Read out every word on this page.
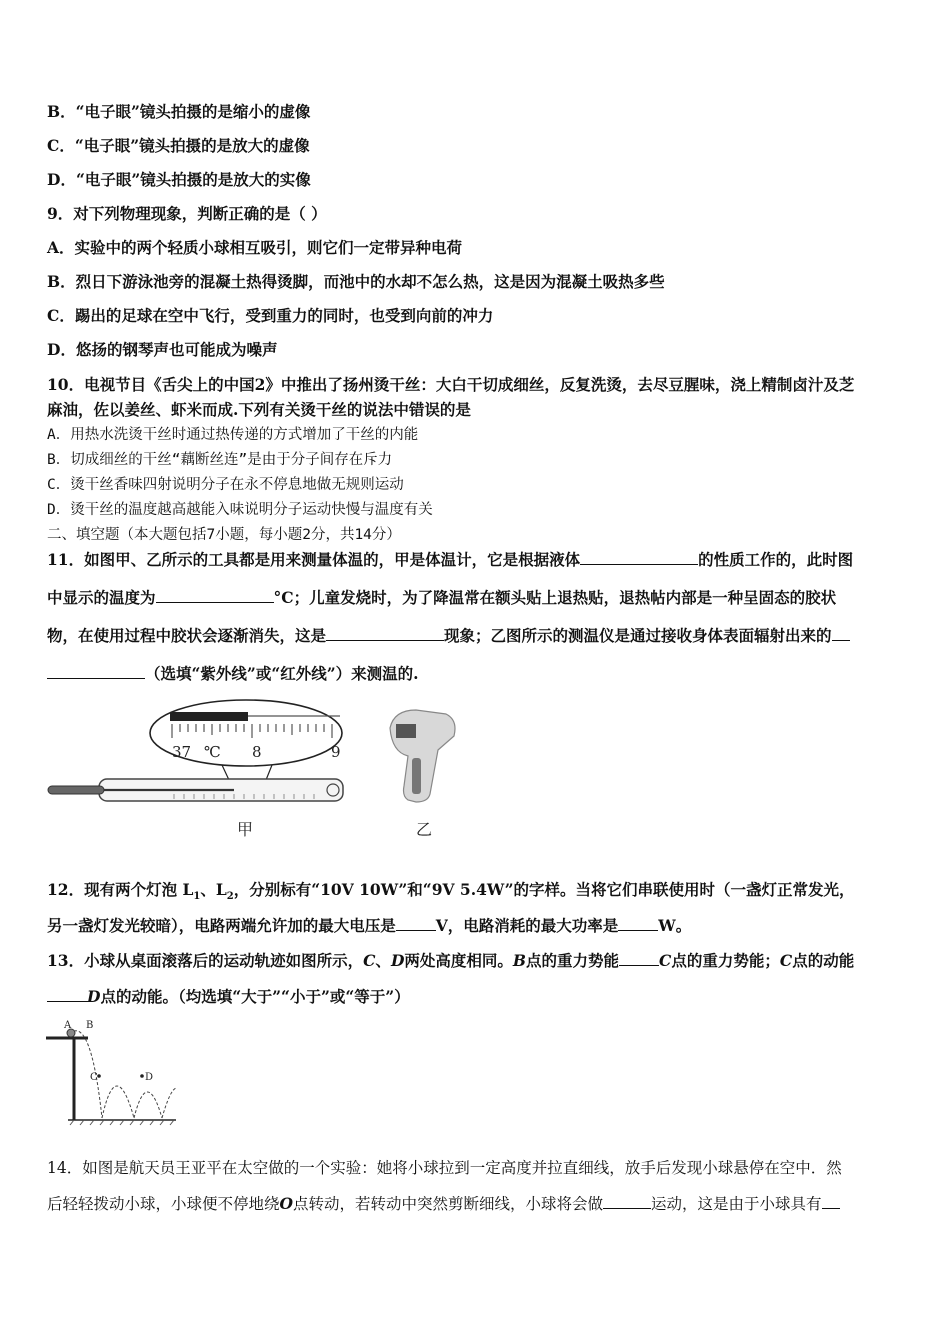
B．“电子眼”镜头拍摄的是缩小的虚像
C．“电子眼”镜头拍摄的是放大的虚像
D．“电子眼”镜头拍摄的是放大的实像
9．对下列物理现象，判断正确的是（ ）
A．实验中的两个轻质小球相互吸引，则它们一定带异种电荷
B．烈日下游泳池旁的混凝土热得烫脚，而池中的水却不怎么热，这是因为混凝土吸热多些
C．踢出的足球在空中飞行，受到重力的同时，也受到向前的冲力
D．悠扬的钢琴声也可能成为噪声
10．电视节目《舌尖上的中国2》中推出了扬州烫干丝：大白干切成细丝，反复洗烫，去尽豆腥味，浇上精制卤汁及芝
麻油，佐以姜丝、虾米而成.下列有关烫干丝的说法中错误的是
A．用热水洗烫干丝时通过热传递的方式增加了干丝的内能
B．切成细丝的干丝“藕断丝连”是由于分子间存在斥力
C．烫干丝香味四射说明分子在永不停息地做无规则运动
D．烫干丝的温度越高越能入味说明分子运动快慢与温度有关
二、填空题（本大题包括7小题，每小题2分，共14分）
11．如图甲、乙所示的工具都是用来测量体温的，甲是体温计，它是根据液体	的性质工作的，此时图
中显示的温度为	°C；儿童发烧时，为了降温常在额头贴上退热贴，退热帖内部是一种呈固态的胶状
物，在使用过程中胶状会逐渐消失，这是	现象；乙图所示的测温仪是通过接收身体表面辐射出来的
（选填“紫外线”或“红外线”）来测温的.
37 ℃ 8	9
甲	乙
12．现有两个灯泡 $L_1$、$L_2$，分别标有“10V 10W”和“9V 5.4W”的字样。当将它们串联使用时（一盏灯正常发光，
另一盏灯发光较暗），电路两端允许加的最大电压是	V，电路消耗的最大功率是	W。
13．小球从桌面滚落后的运动轨迹如图所示，C、D两处高度相同。B点的重力势能	C点的重力势能；C点的动能
D点的动能。（均选填“大于”“小于”或“等于”）
A B
C	D
14．如图是航天员王亚平在太空做的一个实验：她将小球拉到一定高度并拉直细线，放手后发现小球悬停在空中．然
后轻轻拨动小球，小球便不停地绕O点转动，若转动中突然剪断细线，小球将会做	运动，这是由于小球具有
